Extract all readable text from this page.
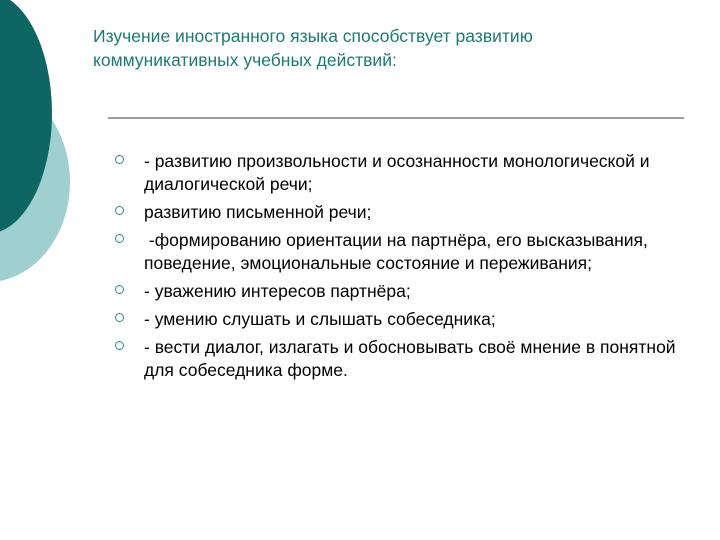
Изучение иностранного языка способствует развитию
коммуникативных учебных действий:
- развитию произвольности и осознанности монологической и диалогической речи;
развитию письменной речи;
-формированию ориентации на партнёра, его высказывания, поведение, эмоциональные состояние и переживания;
- уважению интересов партнёра;
- умению слушать и слышать собеседника;
- вести диалог, излагать и обосновывать своё мнение в понятной для собеседника форме.
